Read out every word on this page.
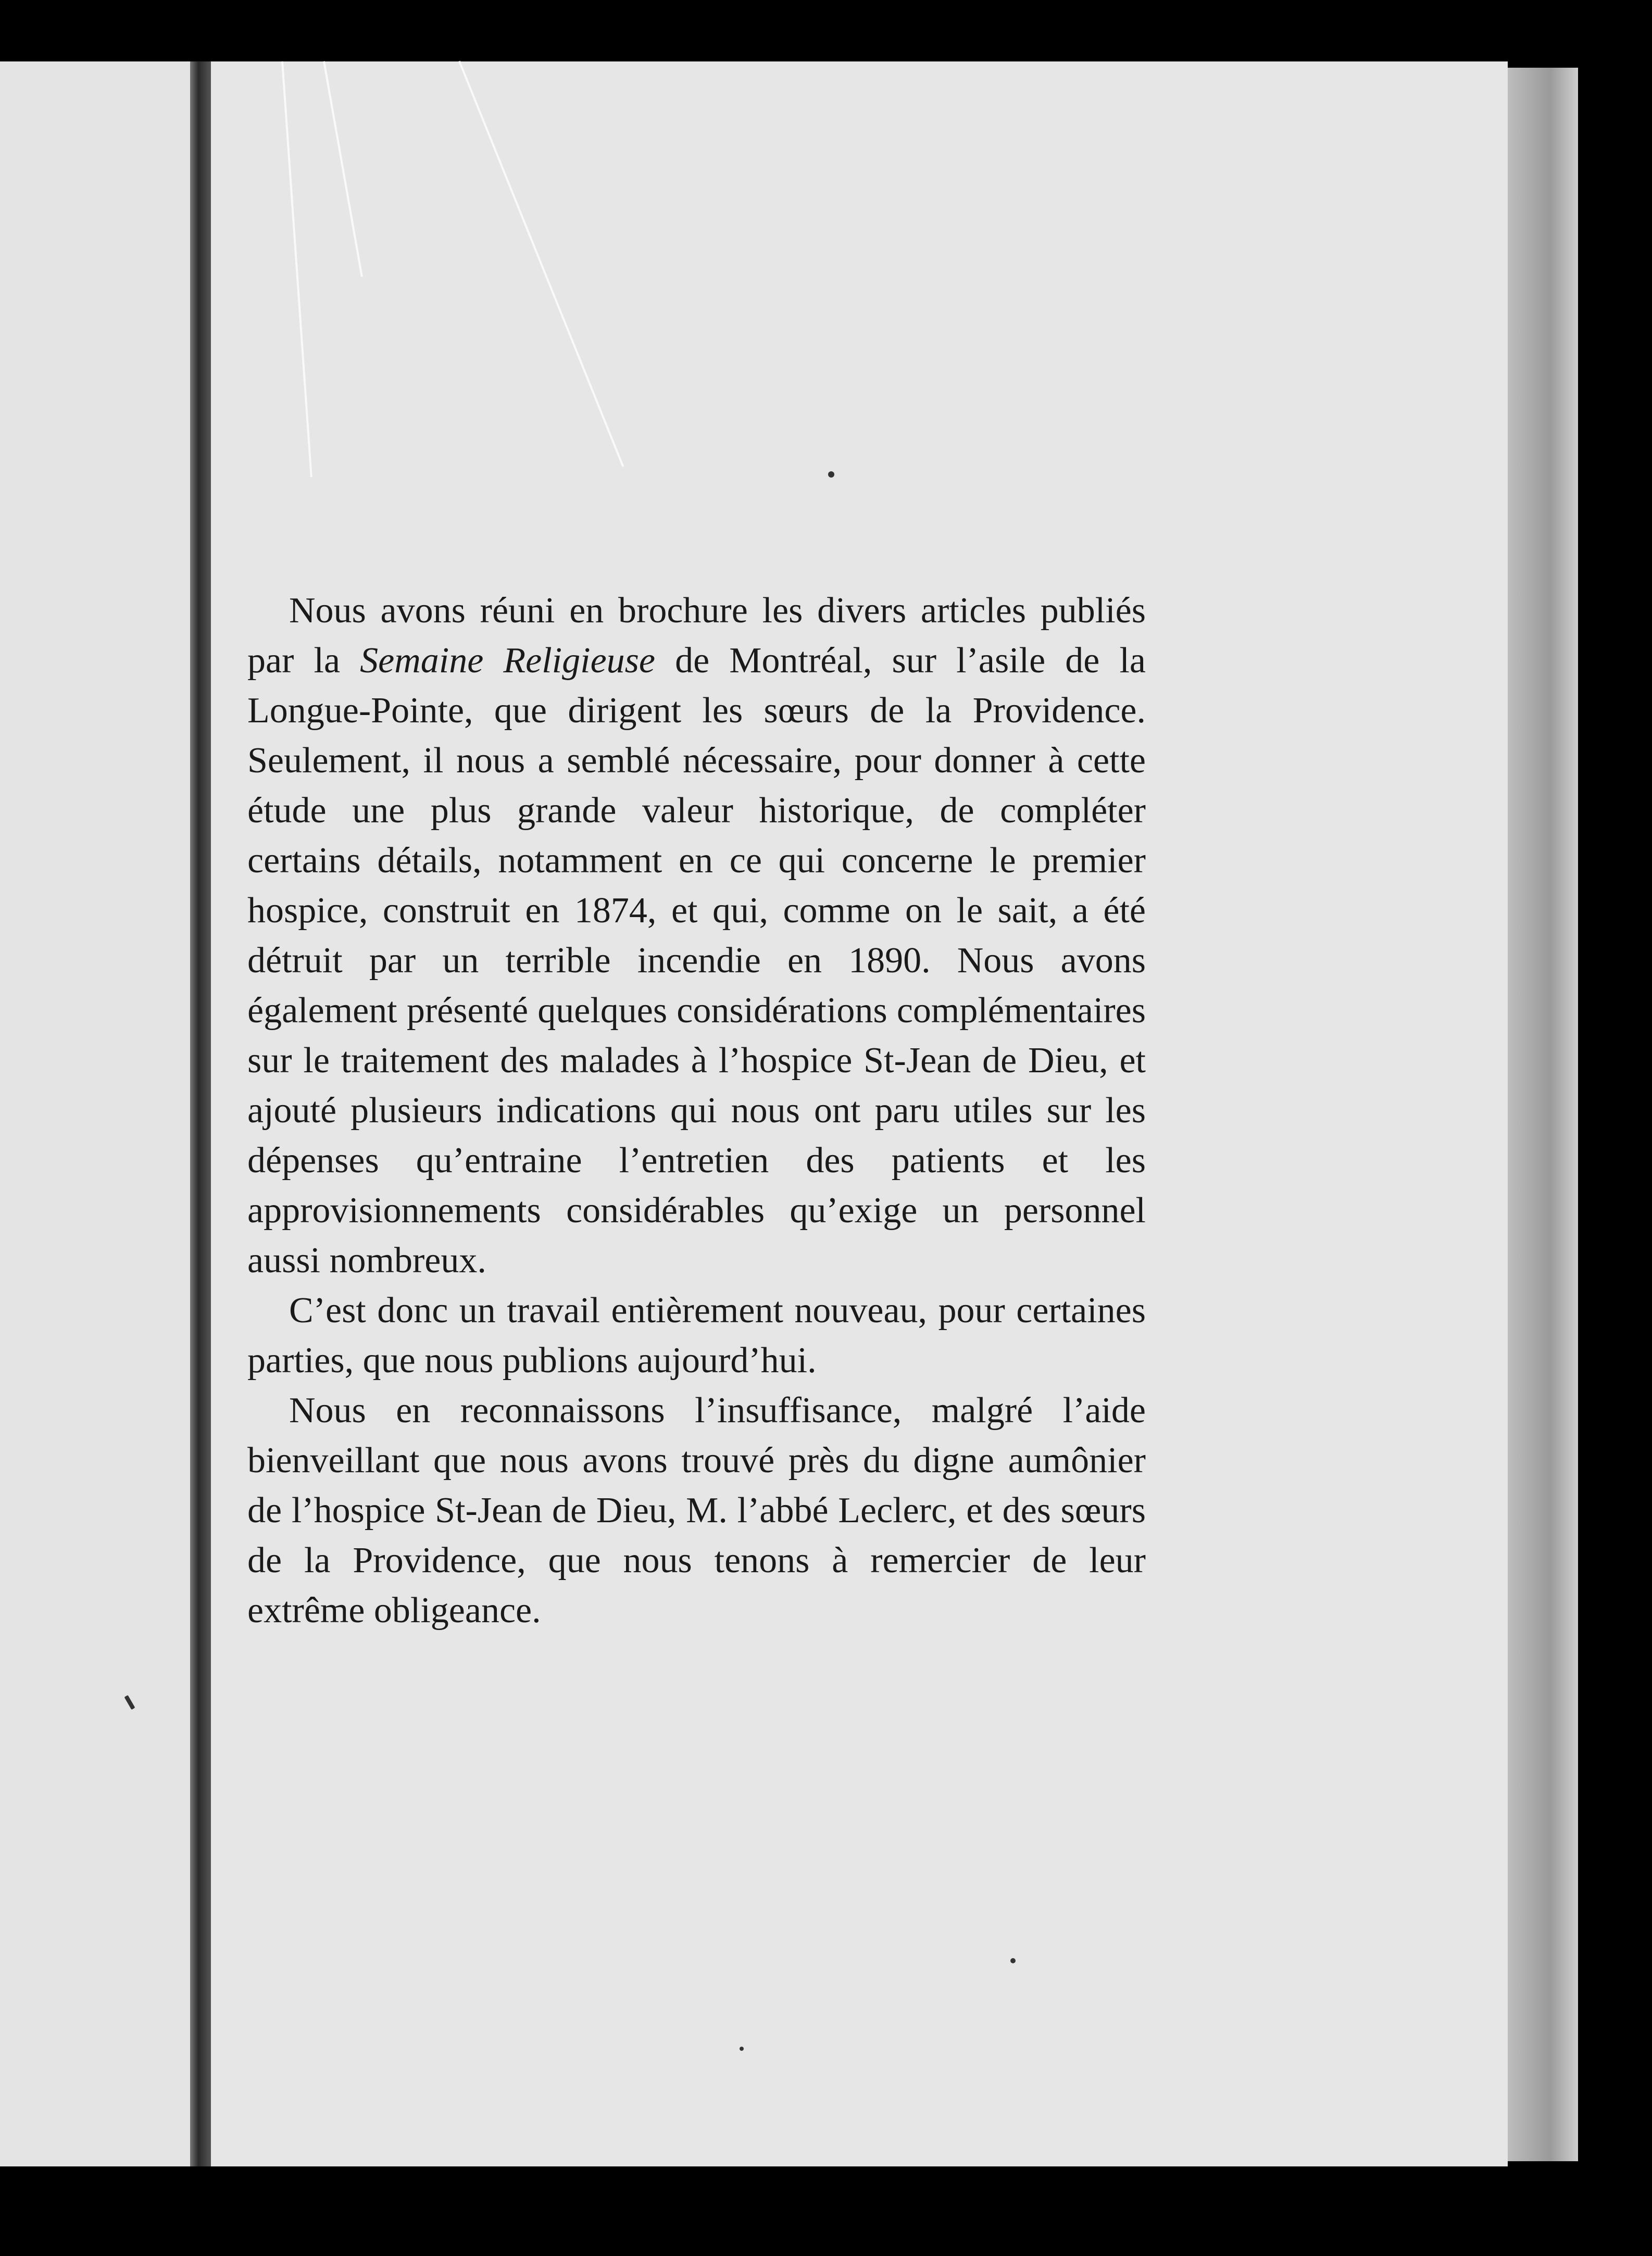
Nous avons réuni en brochure les divers articles publiés par la Semaine Religieuse de Montréal, sur l’asile de la Longue-Pointe, que dirigent les sœurs de la Providence. Seulement, il nous a semblé nécessaire, pour donner à cette étude une plus grande valeur historique, de compléter certains détails, notamment en ce qui concerne le premier hospice, construit en 1874, et qui, comme on le sait, a été détruit par un terrible incendie en 1890. Nous avons également présenté quelques considérations complémentaires sur le traitement des malades à l’hospice St-Jean de Dieu, et ajouté plusieurs indications qui nous ont paru utiles sur les dépenses qu’entraine l’entretien des patients et les approvisionnements considérables qu’exige un personnel aussi nombreux.

C’est donc un travail entièrement nouveau, pour certaines parties, que nous publions aujourd’hui.

Nous en reconnaissons l’insuffisance, malgré l’aide bienveillant que nous avons trouvé près du digne aumônier de l’hospice St-Jean de Dieu, M. l’abbé Leclerc, et des sœurs de la Providence, que nous tenons à remercier de leur extrême obligeance.
